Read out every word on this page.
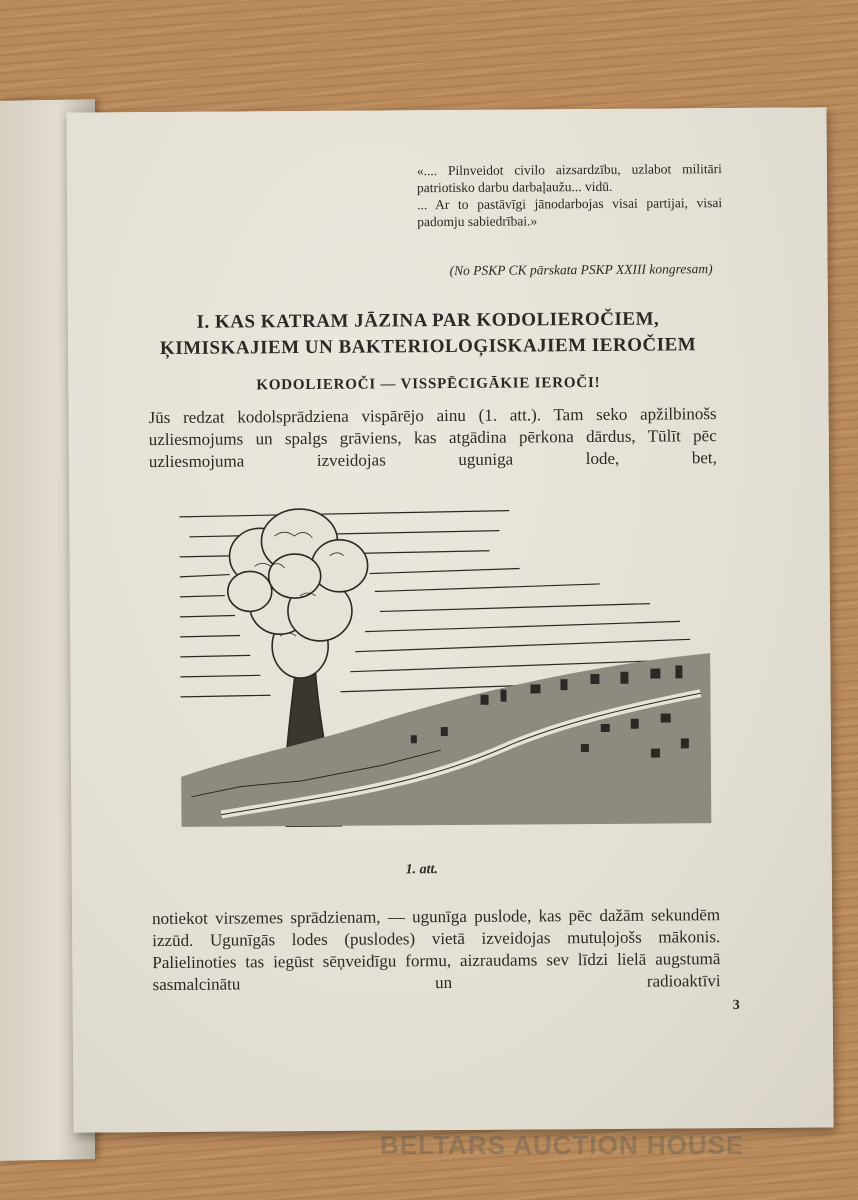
«.... Pilnveidot civilo aizsardzību, uzlabot militāri patriotisko darbu darbaļaužu... vidū.

... Ar to pastāvīgi jānodarbojas visai partijai, visai padomju sabiedrībai.»

(No PSKP CK pārskata PSKP XXIII kongresam)
I. KAS KATRAM JĀZINA PAR KODOLIEROČIEM,
ĶIMISKAJIEM UN BAKTERIOLOĢISKAJIEM IEROČIEM
KODOLIEROČI — VISSPĒCIGĀKIE IEROČI!

Jūs redzat kodolsprādziena vispārējo ainu (1. att.). Tam seko apžilbinošs uzliesmojums un spalgs grāviens, kas atgādina pērkona dārdus, Tūlīt pēc uzliesmojuma izveidojas uguniga lode, bet,

1. att.

notiekot virszemes sprādzienam, — ugunīga puslode, kas pēc dažām sekundēm izzūd. Ugunīgās lodes (puslodes) vietā izveidojas mutuļojošs mākonis. Palielinoties tas iegūst sēņveidīgu formu, aizraudams sev līdzi lielā augstumā sasmalcinātu un radioaktīvi

3
BELTARS AUCTION HOUSE
